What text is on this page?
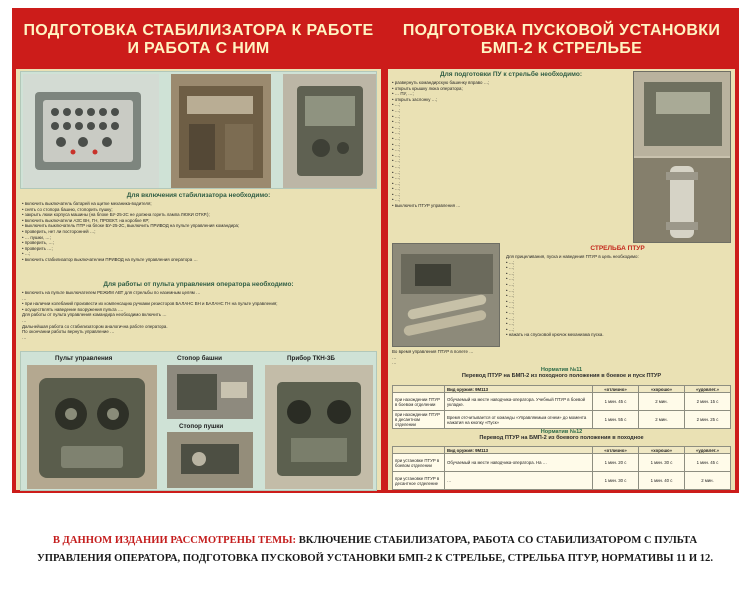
ПОДГОТОВКА СТАБИЛИЗАТОРА К РАБОТЕ
И РАБОТА С НИМ
Для включения стабилизатора необходимо:

• включить выключатель батарей на щитке механика-водителя;

• снять со стопора башню, стопорить пушку;

• закрыть люки корпуса машины (на блоке БУ-25-2С не должна гореть лампа ЛЮКИ ОТКР.);

• включить выключатели АЗС ВН, ГН, ПРОЕКТ. на коробке КР;

• выключить выключатель ПТР на блоке БУ-25-2С, выключить ПРИВОД на пульте управления командира;

• проверить, нет ли посторонней …;

• … пушки, …;

• проверить, …;

• проверить …;

• …;

• включить стабилизатор выключателем ПРИВОД на пульте управления оператора …

Для работы от пульта управления оператора необходимо:

• включить на пульте выключателем РЕЖИМ АВТ для стрельбы по наземным целям …

…

• при наличии колебаний произвести их компенсацию ручками резисторов БАЛАНС ВН и БАЛАНС ГН на пульте управления;

• осуществлять наведение вооружения пульта ….

Для работы от пульта управления командира необходимо включить …

…

Дальнейшая работа со стабилизатором аналогична работе оператора.

По окончании работы вернуть управление …

…

Пульт управления	Стопор башни	Прибор ТКН-3Б
Стопор пушки
ПОДГОТОВКА ПУСКОВОЙ УСТАНОВКИ
БМП-2 К СТРЕЛЬБЕ
Для подготовки ПУ к стрельбе необходимо:

• развернуть командирскую башенку вправо …;

• открыть крышку люка оператора;

• … ПУ, …;

• открыть заслонку …;

• …;

• …;

• …;

• …;

• …;

• …;

• …;

• …;

• …;

• …;

• …;

• …;

• …;

• …;

• …;

• …;

• …;

• …;

• выключить ПТУР управления …

СТРЕЛЬБА ПТУР

Для прицеливания, пуска и наведения ПТУР в цель необходимо:

• …;

• …;

• …;

• …;

• …;

• …;

• …;

• …;

• …;

• …;

• …;

• …;

• …;

• нажать на спусковой крючок механизма пуска.

Во время управления ПТУР в полете …

…

…

Норматив №11
Перевод ПТУР на БМП-2 из походного положения в боевое и пуск ПТУР
	Вид оружия: 9М113	«отлично»	«хорошо»	«удовлет.»
при нахождении ПТУР в боевом отделении	Обучаемый на месте наводчика-оператора. Учебный ПТУР в боевой укладке.	1 мин. 45 с	2 мин.	2 мин. 15 с
при нахождении ПТУР в десантном отделении	Время отсчитывается от команды «Управляемым огнем» до момента нажатия на кнопку «Пуск»	1 мин. 55 с	2 мин.	2 мин. 25 с
Норматив №12
Перевод ПТУР на БМП-2 из боевого положения в походное
	Вид оружия: 9М113	«отлично»	«хорошо»	«удовлет.»
при установке ПТУР в боевом отделении	Обучаемый на месте наводчика-оператора. На …	1 мин. 20 с	1 мин. 30 с	1 мин. 45 с
при установке ПТУР в десантное отделение	…	1 мин. 30 с	1 мин. 40 с	2 мин.
В ДАННОМ ИЗДАНИИ РАССМОТРЕНЫ ТЕМЫ: ВКЛЮЧЕНИЕ СТАБИЛИЗАТОРА, РАБОТА СО СТАБИЛИЗАТОРОМ С ПУЛЬТА
УПРАВЛЕНИЯ ОПЕРАТОРА, ПОДГОТОВКА ПУСКОВОЙ УСТАНОВКИ БМП-2 К СТРЕЛЬБЕ, СТРЕЛЬБА ПТУР, НОРМАТИВЫ 11 И 12.
